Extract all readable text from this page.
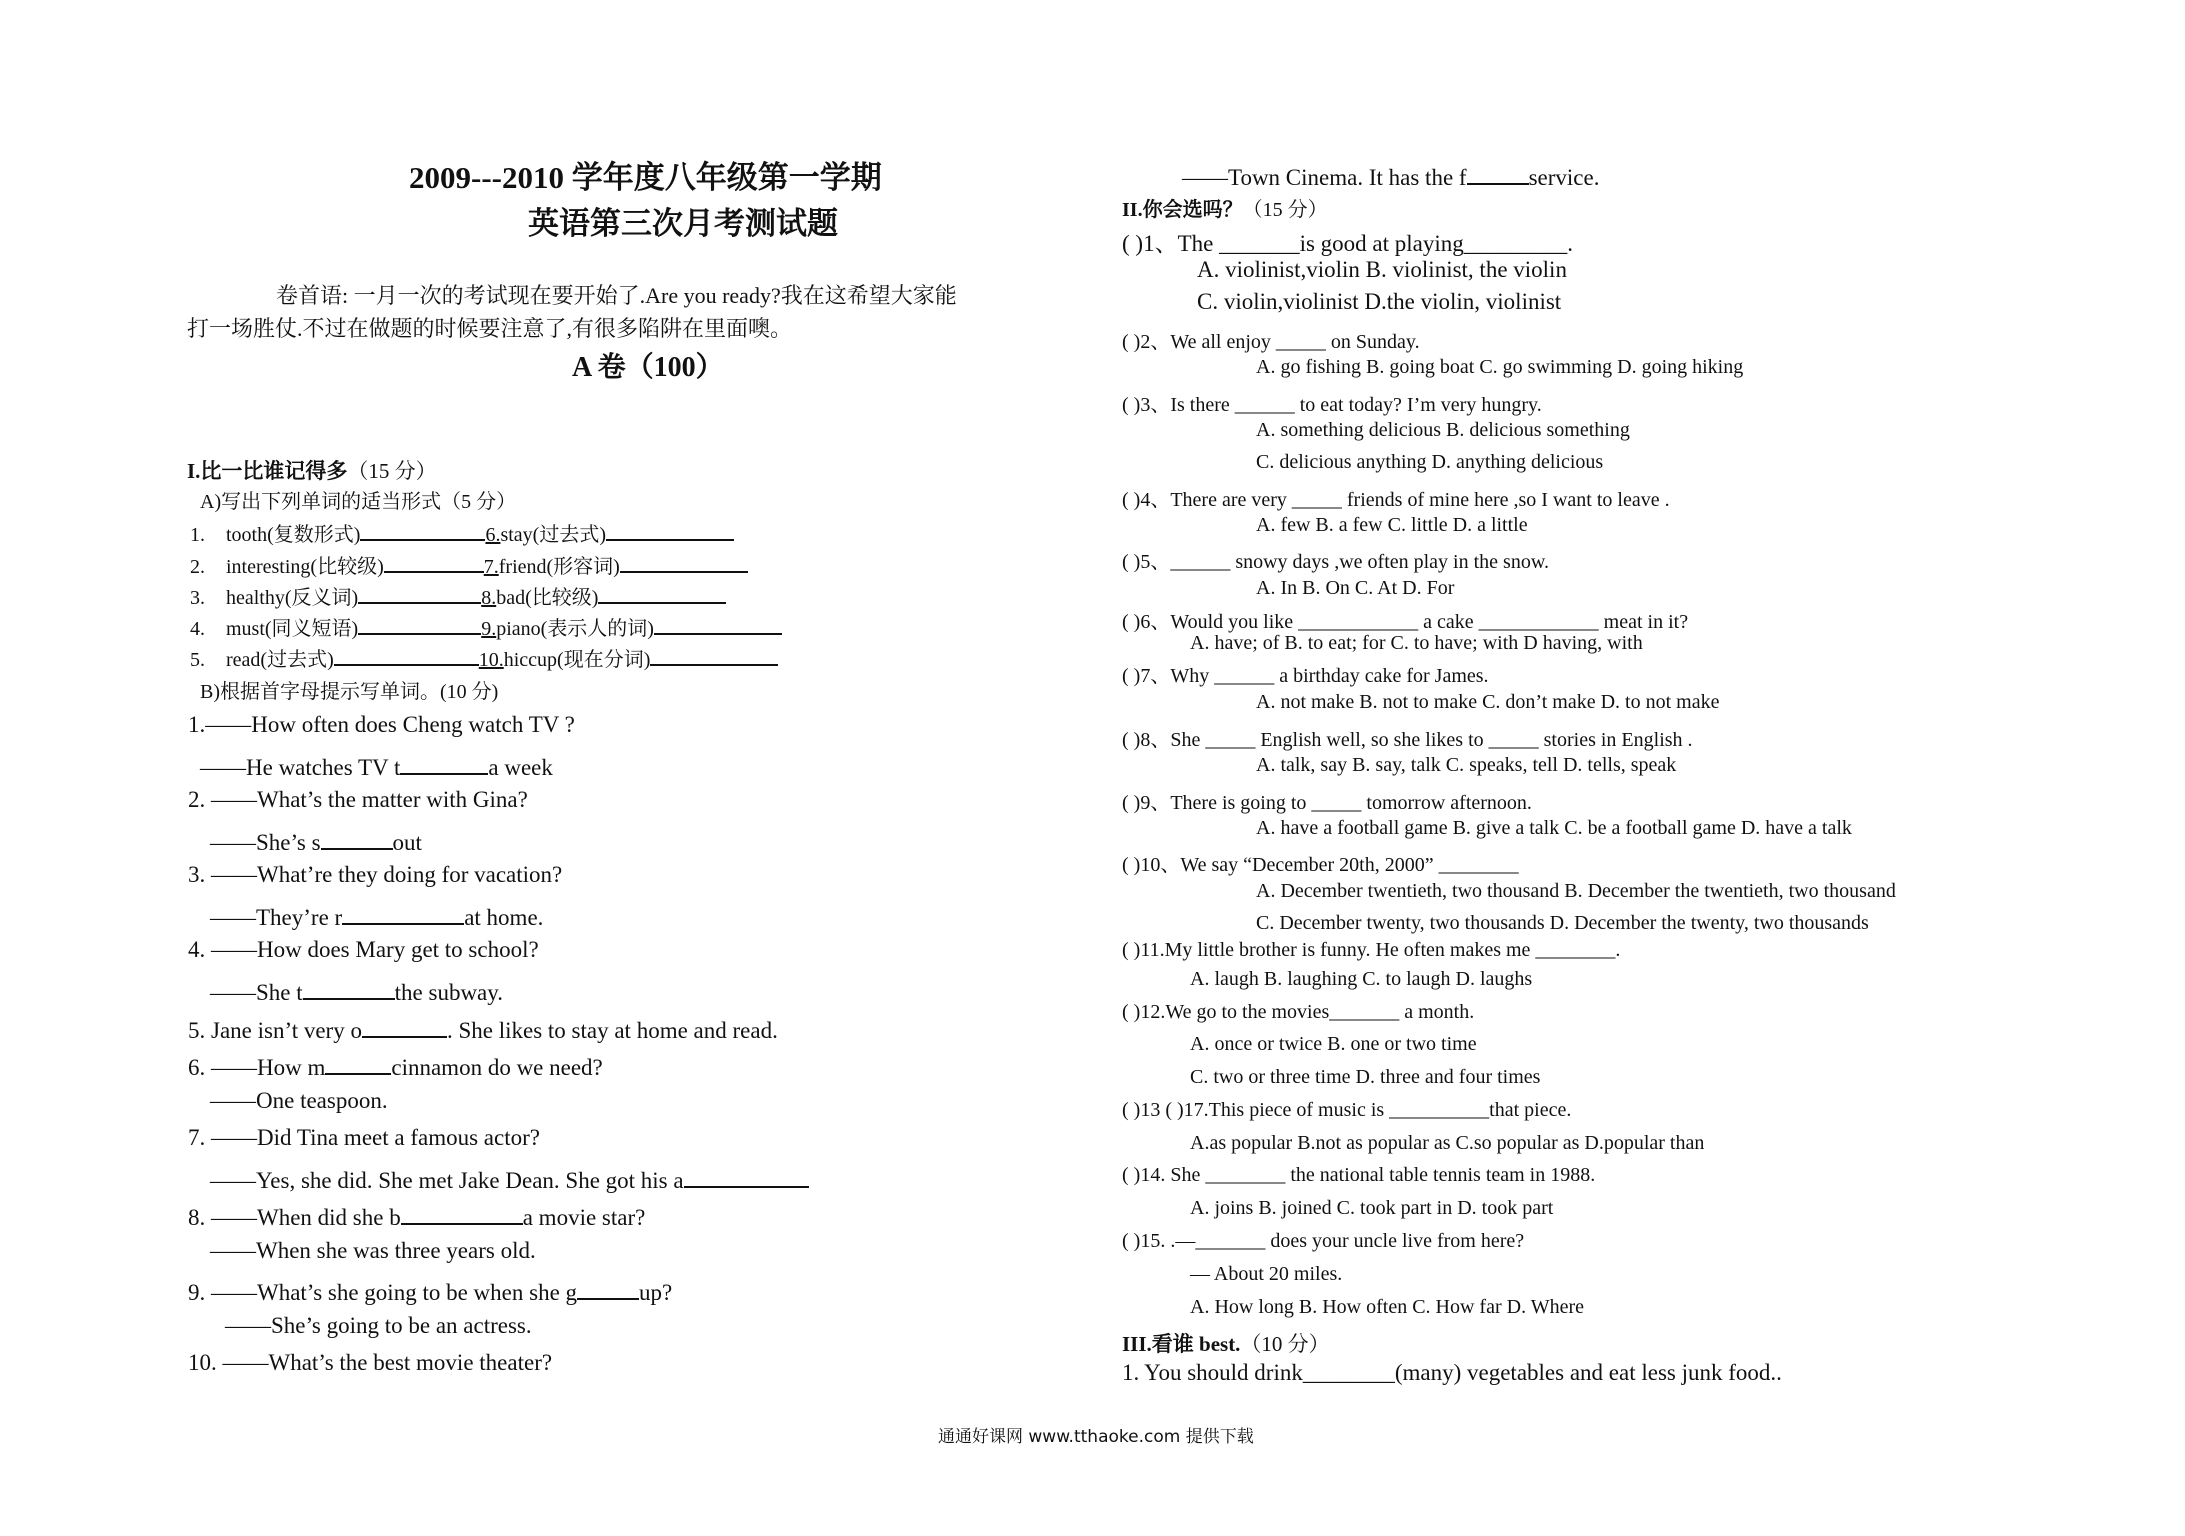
2009---2010 学年度八年级第一学期
英语第三次月考测试题
卷首语: 一月一次的考试现在要开始了.Are you ready?我在这希望大家能
打一场胜仗.不过在做题的时候要注意了,有很多陷阱在里面噢。
A 卷（100）
I.比一比谁记得多（15 分）
A)写出下列单词的适当形式（5 分）
1. tooth(复数形式)	6.stay(过去式)
2. interesting(比较级)	7.friend(形容词)
3. healthy(反义词)	8.bad(比较级)
4. must(同义短语)	9.piano(表示人的词)
5. read(过去式)	10.hiccup(现在分词)
B)根据首字母提示写单词。(10 分)
1.——How often does Cheng watch TV ?
——He watches TV t	a week
2. ——What’s the matter with Gina?
——She’s s	out
3. ——What’re they doing for vacation?
——They’re r	at home.
4. ——How does Mary get to school?
——She t	the subway.
5. Jane isn’t very o	. She likes to stay at home and read.
6. ——How m	cinnamon do we need?
——One teaspoon.
7. ——Did Tina meet a famous actor?
——Yes, she did. She met Jake Dean. She got his a
8. ——When did she b	a movie star?
——When she was three years old.
9. ——What’s she going to be when she g	up?
——She’s going to be an actress.
10. ——What’s the best movie theater?
——Town Cinema. It has the f	service.
II.你会选吗？（15 分）
( )1、The _______is good at playing_________.
A. violinist,violin B. violinist, the violin
C. violin,violinist D.the violin, violinist
( )2、We all enjoy _____ on Sunday.
A. go fishing B. going boat C. go swimming D. going hiking
( )3、Is there ______ to eat today? I’m very hungry.
A. something delicious B. delicious something
C. delicious anything D. anything delicious
( )4、There are very _____ friends of mine here ,so I want to leave .
A. few B. a few C. little D. a little
( )5、______ snowy days ,we often play in the snow.
A. In B. On C. At D. For
( )6、Would you like ____________ a cake ____________ meat in it?
A. have; of B. to eat; for C. to have; with D having, with
( )7、Why ______ a birthday cake for James.
A. not make B. not to make C. don’t make D. to not make
( )8、She _____ English well, so she likes to _____ stories in English .
A. talk, say B. say, talk C. speaks, tell D. tells, speak
( )9、There is going to _____ tomorrow afternoon.
A. have a football game B. give a talk C. be a football game D. have a talk
( )10、We say “December 20th, 2000” ________
A. December twentieth, two thousand B. December the twentieth, two thousand
C. December twenty, two thousands D. December the twenty, two thousands
( )11.My little brother is funny. He often makes me ________.
A. laugh B. laughing C. to laugh D. laughs
( )12.We go to the movies_______ a month.
A. once or twice B. one or two time
C. two or three time D. three and four times
( )13 ( )17.This piece of music is __________that piece.
A.as popular B.not as popular as C.so popular as D.popular than
( )14. She ________ the national table tennis team in 1988.
A. joins B. joined C. took part in D. took part
( )15. .—_______ does your uncle live from here?
— About 20 miles.
A. How long B. How often C. How far D. Where
III.看谁 best.（10 分）
1. You should drink________(many) vegetables and eat less junk food..
通通好课网 www.tthaoke.com 提供下载
